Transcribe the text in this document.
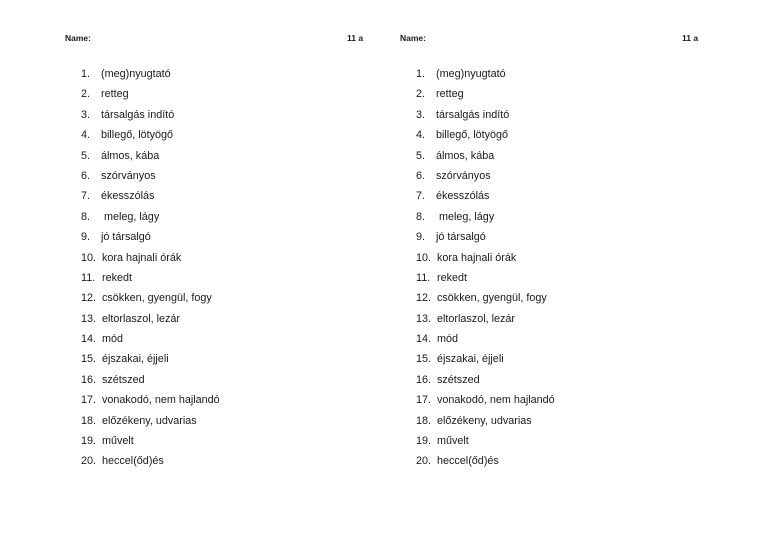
Name:	11 a
1. (meg)nyugtató
2. retteg
3. társalgás indító
4. billegő, lötyögő
5. álmos, kába
6. szórványos
7. ékesszólás
8. meleg, lágy
9. jó társalgó
10. kora hajnali órák
11. rekedt
12. csökken, gyengül, fogy
13. eltorlaszol, lezár
14. mód
15. éjszakai, éjjeli
16. szétszed
17. vonakodó, nem hajlandó
18. előzékeny, udvarias
19. művelt
20. heccel(őd)és
Name:	11 a
1. (meg)nyugtató
2. retteg
3. társalgás indító
4. billegő, lötyögő
5. álmos, kába
6. szórványos
7. ékesszólás
8. meleg, lágy
9. jó társalgó
10. kora hajnali órák
11. rekedt
12. csökken, gyengül, fogy
13. eltorlaszol, lezár
14. mód
15. éjszakai, éjjeli
16. szétszed
17. vonakodó, nem hajlandó
18. előzékeny, udvarias
19. művelt
20. heccel(őd)és
